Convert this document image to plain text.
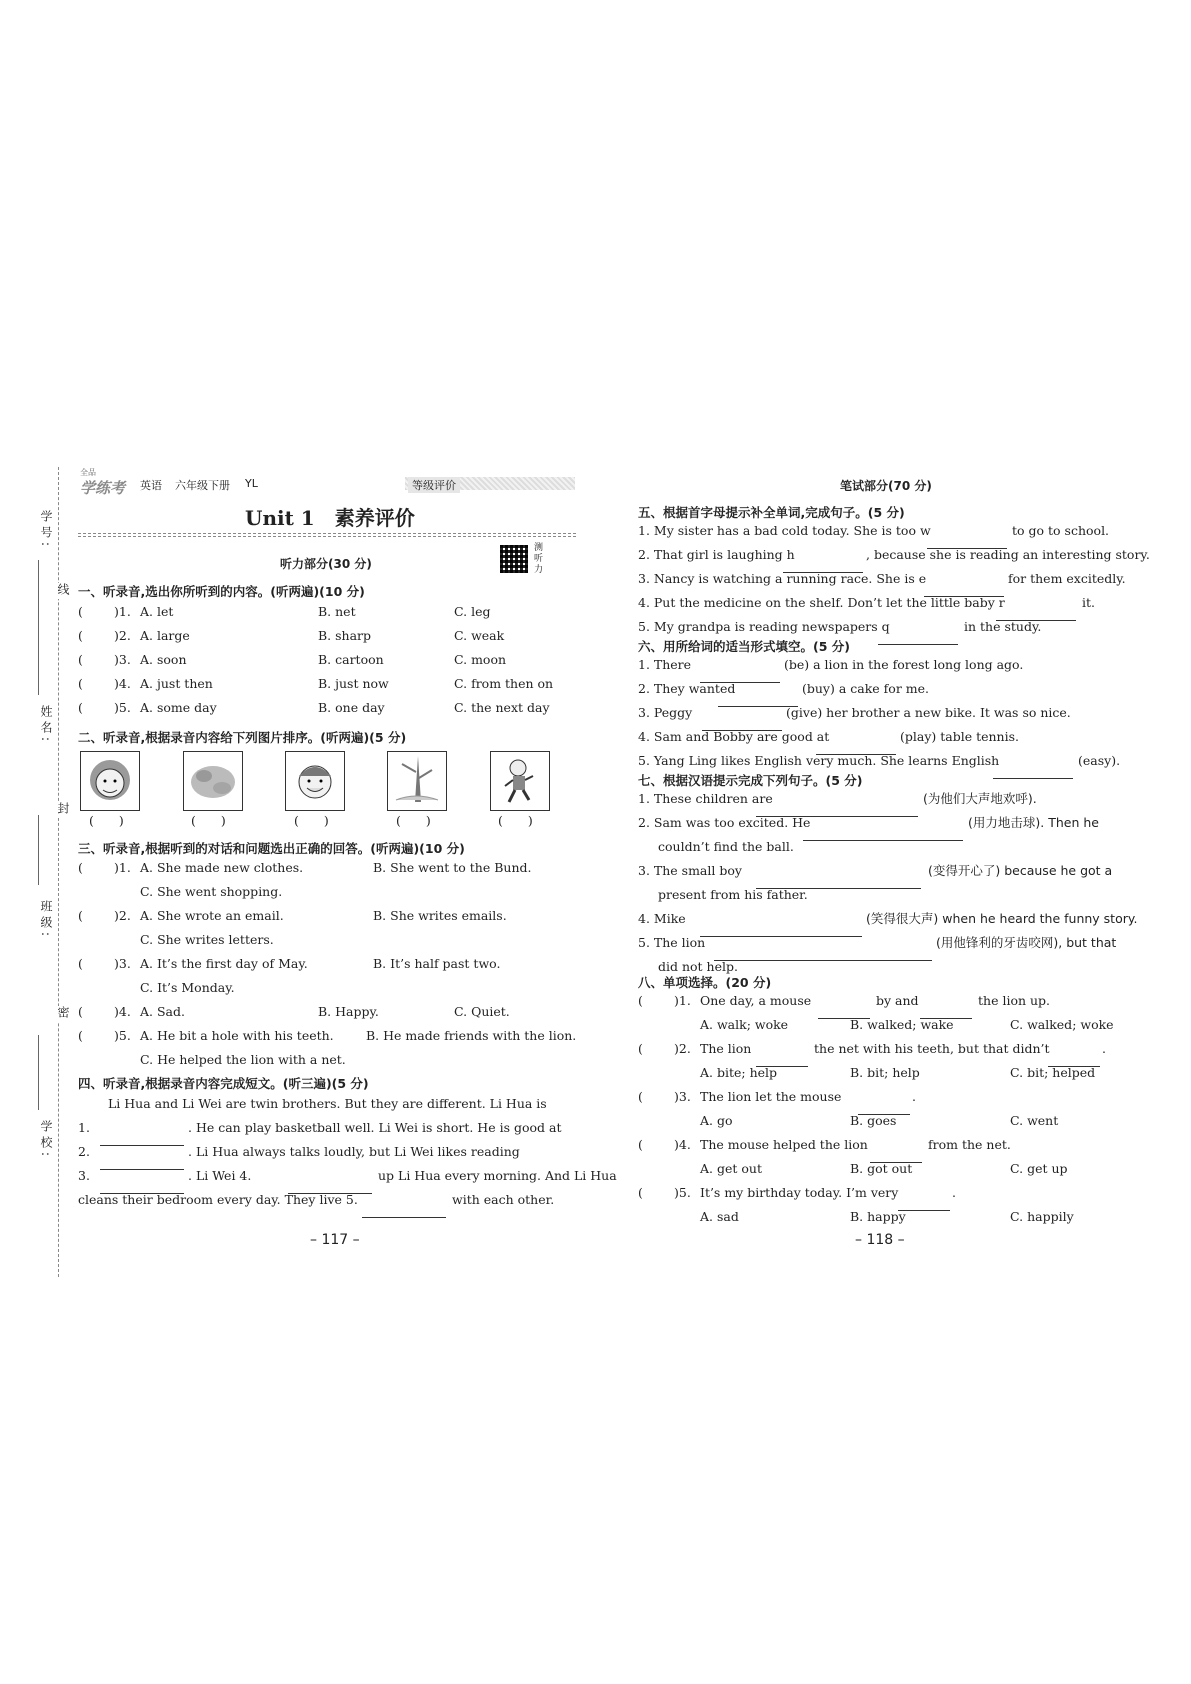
学号:
姓名:
班级:
学校:
线
封
密
全品
学练考 英语 六年级下册 YL	等级评价
Unit 1　素养评价
听力部分(30 分)
测听力
一、听录音,选出你所听到的内容。(听两遍)(10 分)
( )1. A. let	B. net	C. leg
( )2. A. large	B. sharp	C. weak
( )3. A. soon	B. cartoon	C. moon
( )4. A. just then	B. just now	C. from then on
( )5. A. some day	B. one day	C. the next day
二、听录音,根据录音内容给下列图片排序。(听两遍)(5 分)
(　　)	(　　)	(　　)	(　　)	(　　)
三、听录音,根据听到的对话和问题选出正确的回答。(听两遍)(10 分)
( )1. A. She made new clothes.	B. She went to the Bund.
C. She went shopping.
( )2. A. She wrote an email.	B. She writes emails.
C. She writes letters.
( )3. A. It’s the first day of May.	B. It’s half past two.
C. It’s Monday.
( )4. A. Sad.	B. Happy.	C. Quiet.
( )5. A. He bit a hole with his teeth.	B. He made friends with the lion.
C. He helped the lion with a net.
四、听录音,根据录音内容完成短文。(听三遍)(5 分)
Li Hua and Li Wei are twin brothers. But they are different. Li Hua is
1.	. He can play basketball well. Li Wei is short. He is good at
2.	. Li Hua always talks loudly, but Li Wei likes reading
3.	. Li Wei 4.	up Li Hua every morning. And Li Hua
cleans their bedroom every day. They live 5.	with each other.
– 117 –
笔试部分(70 分)
五、根据首字母提示补全单词,完成句子。(5 分)
1. My sister has a bad cold today. She is too w	to go to school.
2. That girl is laughing h	, because she is reading an interesting story.
3. Nancy is watching a running race. She is e	for them excitedly.
4. Put the medicine on the shelf. Don’t let the little baby r	it.
5. My grandpa is reading newspapers q	in the study.
六、用所给词的适当形式填空。(5 分)
1. There	(be) a lion in the forest long long ago.
2. They wanted	(buy) a cake for me.
3. Peggy	(give) her brother a new bike. It was so nice.
4. Sam and Bobby are good at	(play) table tennis.
5. Yang Ling likes English very much. She learns English	(easy).
七、根据汉语提示完成下列句子。(5 分)
1. These children are	(为他们大声地欢呼).
2. Sam was too excited. He	(用力地击球). Then he
couldn’t find the ball.
3. The small boy	(变得开心了) because he got a
present from his father.
4. Mike	(笑得很大声) when he heard the funny story.
5. The lion	(用他锋利的牙齿咬网), but that
did not help.
八、单项选择。(20 分)
( )1. One day, a mouse	by and	the lion up.
A. walk; woke	B. walked; wake	C. walked; woke
( )2. The lion	the net with his teeth, but that didn’t	.
A. bite; help	B. bit; help	C. bit; helped
( )3. The lion let the mouse	.
A. go	B. goes	C. went
( )4. The mouse helped the lion	from the net.
A. get out	B. got out	C. get up
( )5. It’s my birthday today. I’m very	.
A. sad	B. happy	C. happily
– 118 –
